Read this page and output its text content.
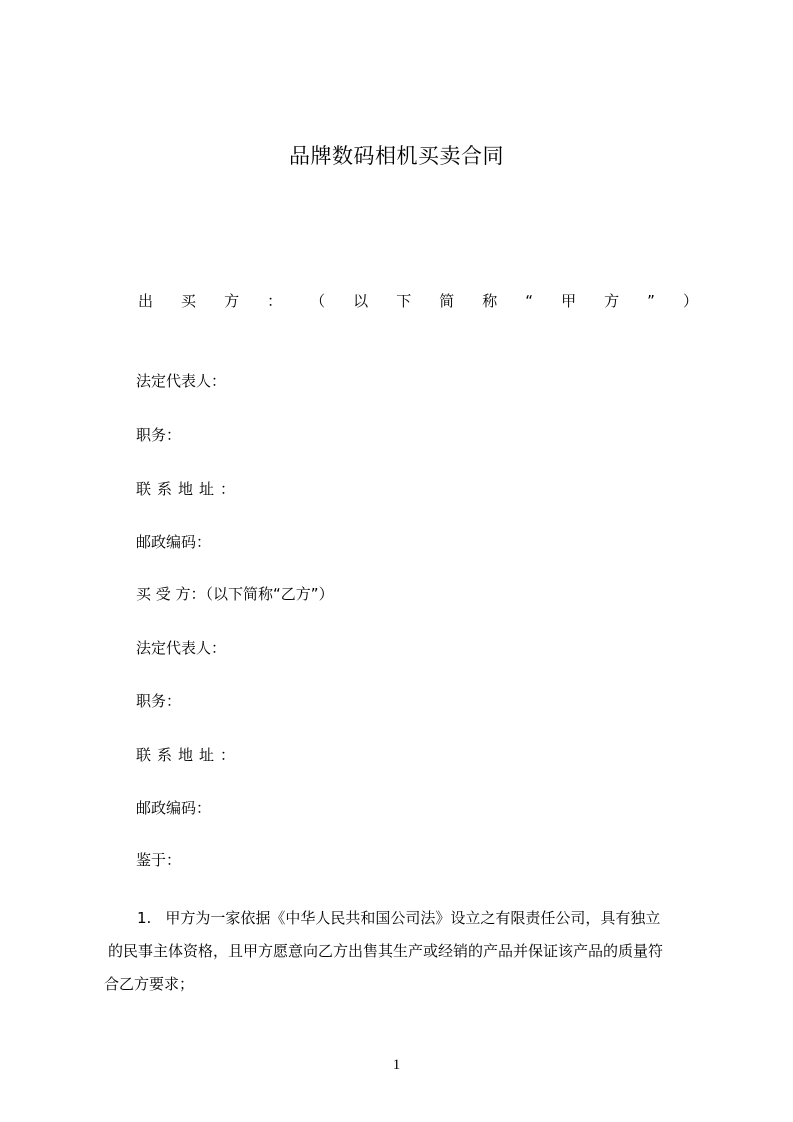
品牌数码相机买卖合同
出 买 方 ： （ 以 下 简 称 “ 甲 方 ” ）
法定代表人：
职务：
联系地址：
邮政编码：
买 受 方：（以下简称“乙方”）
法定代表人：
职务：
联系地址：
邮政编码：
鉴于：
1. 甲方为一家依据《中华人民共和国公司法》设立之有限责任公司，具有独立
的民事主体资格，且甲方愿意向乙方出售其生产或经销的产品并保证该产品的质量符
合乙方要求；
1
